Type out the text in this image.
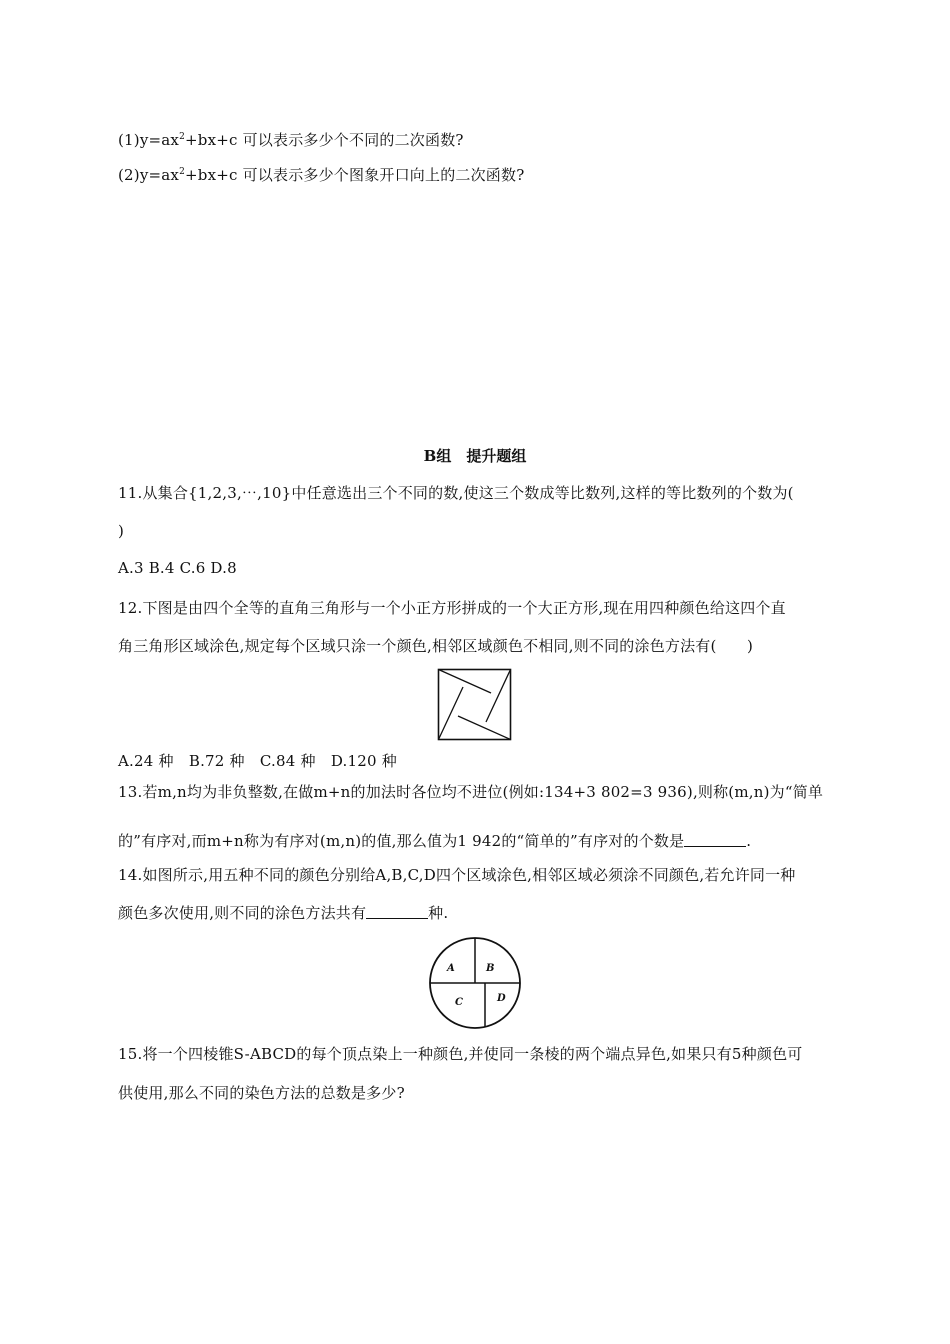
$(1)y=ax^2+bx+c$ 可以表示多少个不同的二次函数?
$(2)y=ax^2+bx+c$ 可以表示多少个图象开口向上的二次函数?
B组　提升题组
11.从集合{1,2,3,⋯,10}中任意选出三个不同的数,使这三个数成等比数列,这样的等比数列的个数为(
)
A.3 B.4 C.6 D.8
12.下图是由四个全等的直角三角形与一个小正方形拼成的一个大正方形,现在用四种颜色给这四个直
角三角形区域涂色,规定每个区域只涂一个颜色,相邻区域颜色不相同,则不同的涂色方法有(　　)
A.24 种　B.72 种　C.84 种　D.120 种
13.若m,n均为非负整数,在做m+n的加法时各位均不进位(例如:134+3 802=3 936),则称(m,n)为“简单
的”有序对,而m+n称为有序对(m,n)的值,那么值为1 942的“简单的”有序对的个数是	.
14.如图所示,用五种不同的颜色分别给A,B,C,D四个区域涂色,相邻区域必须涂不同颜色,若允许同一种
颜色多次使用,则不同的涂色方法共有	种.
A	B
C	D
15.将一个四棱锥S-ABCD的每个顶点染上一种颜色,并使同一条棱的两个端点异色,如果只有5种颜色可
供使用,那么不同的染色方法的总数是多少?
